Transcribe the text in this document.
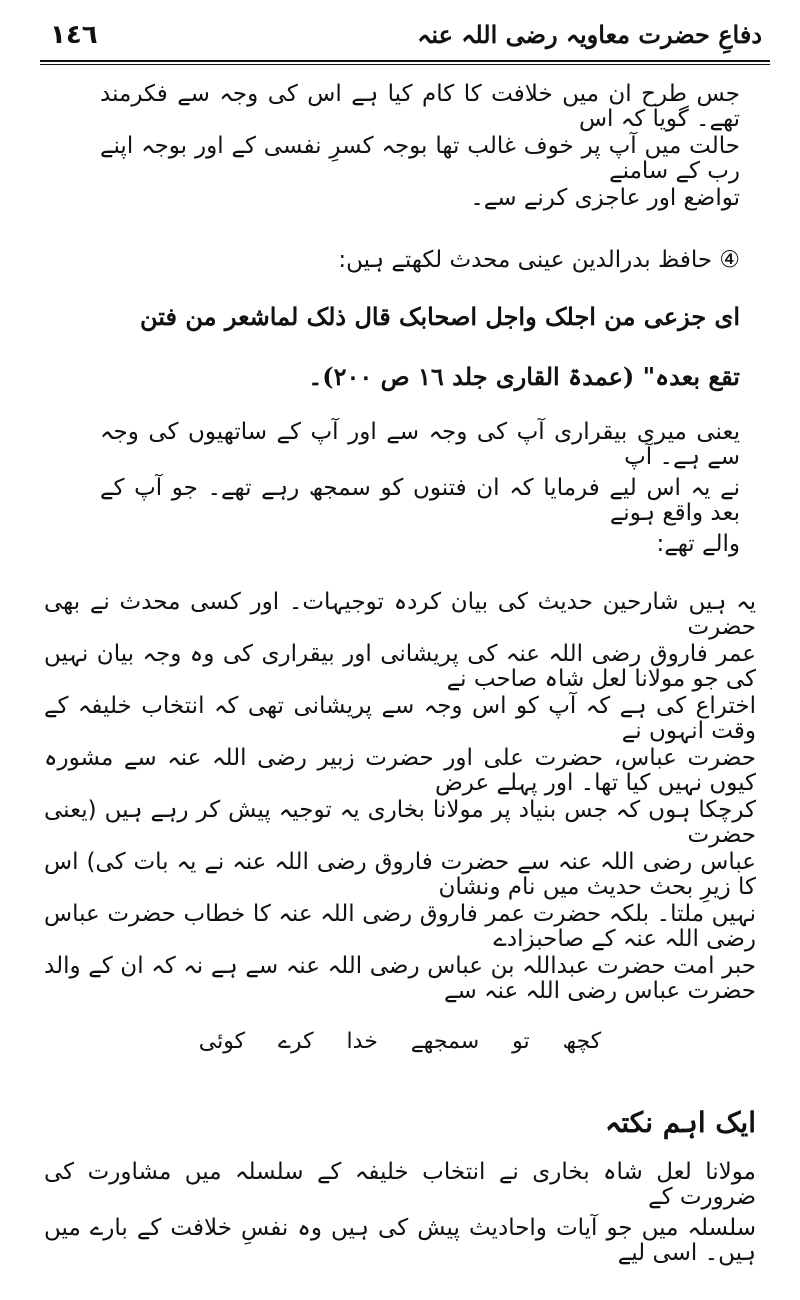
١٤٦	دفاعِ حضرت معاویہ رضی اللہ عنہ

جس طرح ان میں خلافت کا کام کیا ہے اس کی وجہ سے فکرمند تھے۔ گویا کہ اس

حالت میں آپ پر خوف غالب تھا بوجہ کسرِ نفسی کے اور بوجہ اپنے رب کے سامنے

تواضع اور عاجزی کرنے سے۔

④ حافظ بدرالدین عینی محدث لکھتے ہیں:

ای جزعی من اجلک واجل اصحابک قال ذلک لماشعر من فتن

تقع بعدہ" (عمدۃ القاری جلد ١٦ ص ٢٠٠)۔

یعنی میری بیقراری آپ کی وجہ سے اور آپ کے ساتھیوں کی وجہ سے ہے۔ آپ

نے یہ اس لیے فرمایا کہ ان فتنوں کو سمجھ رہے تھے۔ جو آپ کے بعد واقع ہونے

والے تھے:

یہ ہیں شارحین حدیث کی بیان کردہ توجیہات۔ اور کسی محدث نے بھی حضرت

عمر فاروق رضی اللہ عنہ کی پریشانی اور بیقراری کی وہ وجہ بیان نہیں کی جو مولانا لعل شاہ صاحب نے

اختراع کی ہے کہ آپ کو اس وجہ سے پریشانی تھی کہ انتخاب خلیفہ کے وقت انہوں نے

حضرت عباس، حضرت علی اور حضرت زبیر رضی اللہ عنہ سے مشورہ کیوں نہیں کیا تھا۔ اور پہلے عرض

کرچکا ہوں کہ جس بنیاد پر مولانا بخاری یہ توجیہ پیش کر رہے ہیں (یعنی حضرت

عباس رضی اللہ عنہ سے حضرت فاروق رضی اللہ عنہ نے یہ بات کی) اس کا زیرِ بحث حدیث میں نام ونشان

نہیں ملتا۔ بلکہ حضرت عمر فاروق رضی اللہ عنہ کا خطاب حضرت عباس رضی اللہ عنہ کے صاحبزادے

حبر امت حضرت عبداللہ بن عباس رضی اللہ عنہ سے ہے نہ کہ ان کے والد حضرت عباس رضی اللہ عنہ سے

کچھ تو سمجھے خدا کرے کوئی

ایک اہم نکتہ

مولانا لعل شاہ بخاری نے انتخاب خلیفہ کے سلسلہ میں مشاورت کی ضرورت کے

سلسلہ میں جو آیات واحادیث پیش کی ہیں وہ نفسِ خلافت کے بارے میں ہیں۔ اسی لیے
